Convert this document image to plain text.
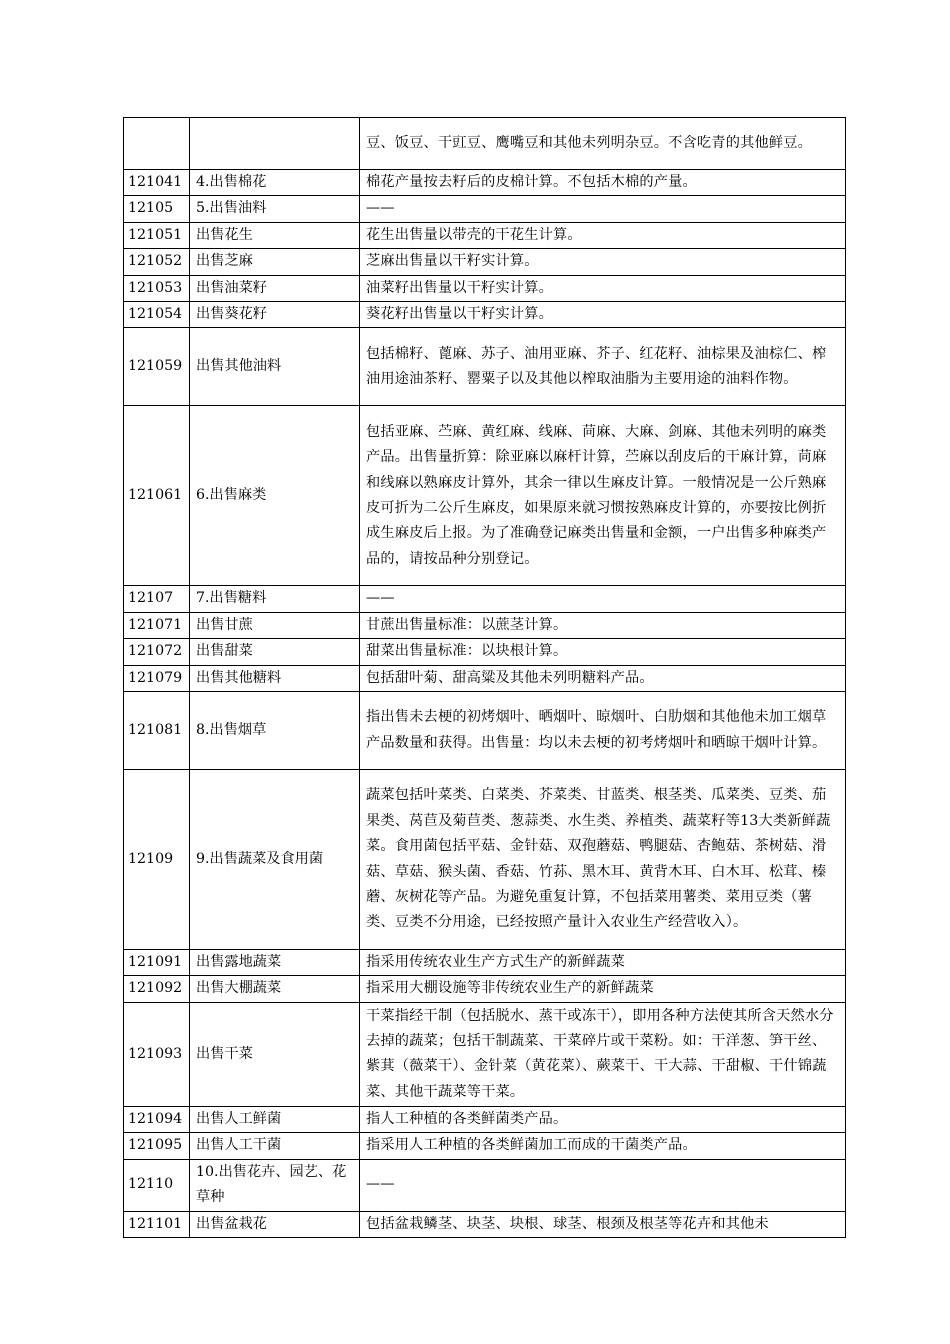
		豆、饭豆、干豇豆、鹰嘴豆和其他未列明杂豆。不含吃青的其他鲜豆。
121041	4.出售棉花	棉花产量按去籽后的皮棉计算。不包括木棉的产量。
12105	5.出售油料	——
121051	出售花生	花生出售量以带壳的干花生计算。
121052	出售芝麻	芝麻出售量以干籽实计算。
121053	出售油菜籽	油菜籽出售量以干籽实计算。
121054	出售葵花籽	葵花籽出售量以干籽实计算。
121059	出售其他油料	包括棉籽、蓖麻、苏子、油用亚麻、芥子、红花籽、油棕果及油棕仁、榨油用途油茶籽、罂粟子以及其他以榨取油脂为主要用途的油料作物。
121061	6.出售麻类	包括亚麻、苎麻、黄红麻、线麻、苘麻、大麻、剑麻、其他未列明的麻类产品。出售量折算：除亚麻以麻杆计算，苎麻以刮皮后的干麻计算，苘麻和线麻以熟麻皮计算外，其余一律以生麻皮计算。一般情况是一公斤熟麻皮可折为二公斤生麻皮，如果原来就习惯按熟麻皮计算的，亦要按比例折成生麻皮后上报。为了准确登记麻类出售量和金额，一户出售多种麻类产品的，请按品种分别登记。
12107	7.出售糖料	——
121071	出售甘蔗	甘蔗出售量标准：以蔗茎计算。
121072	出售甜菜	甜菜出售量标准：以块根计算。
121079	出售其他糖料	包括甜叶菊、甜高粱及其他未列明糖料产品。
121081	8.出售烟草	指出售未去梗的初烤烟叶、晒烟叶、晾烟叶、白肋烟和其他他未加工烟草产品数量和获得。出售量：均以未去梗的初考烤烟叶和晒晾干烟叶计算。
12109	9.出售蔬菜及食用菌	蔬菜包括叶菜类、白菜类、芥菜类、甘蓝类、根茎类、瓜菜类、豆类、茄果类、莴苣及菊苣类、葱蒜类、水生类、养植类、蔬菜籽等13大类新鲜蔬菜。食用菌包括平菇、金针菇、双孢蘑菇、鸭腿菇、杏鲍菇、茶树菇、滑菇、草菇、猴头菌、香菇、竹荪、黑木耳、黄背木耳、白木耳、松茸、榛蘑、灰树花等产品。为避免重复计算，不包括菜用薯类、菜用豆类（薯类、豆类不分用途，已经按照产量计入农业生产经营收入）。
121091	出售露地蔬菜	指采用传统农业生产方式生产的新鲜蔬菜
121092	出售大棚蔬菜	指采用大棚设施等非传统农业生产的新鲜蔬菜
121093	出售干菜	干菜指经干制（包括脱水、蒸干或冻干），即用各种方法使其所含天然水分去掉的蔬菜；包括干制蔬菜、干菜碎片或干菜粉。如：干洋葱、笋干丝、紫萁（薇菜干）、金针菜（黄花菜）、蕨菜干、干大蒜、干甜椒、干什锦蔬菜、其他干蔬菜等干菜。
121094	出售人工鲜菌	指人工种植的各类鲜菌类产品。
121095	出售人工干菌	指采用人工种植的各类鲜菌加工而成的干菌类产品。
12110	10.出售花卉、园艺、花草种	——
121101	出售盆栽花	包括盆栽鳞茎、块茎、块根、球茎、根颈及根茎等花卉和其他未
